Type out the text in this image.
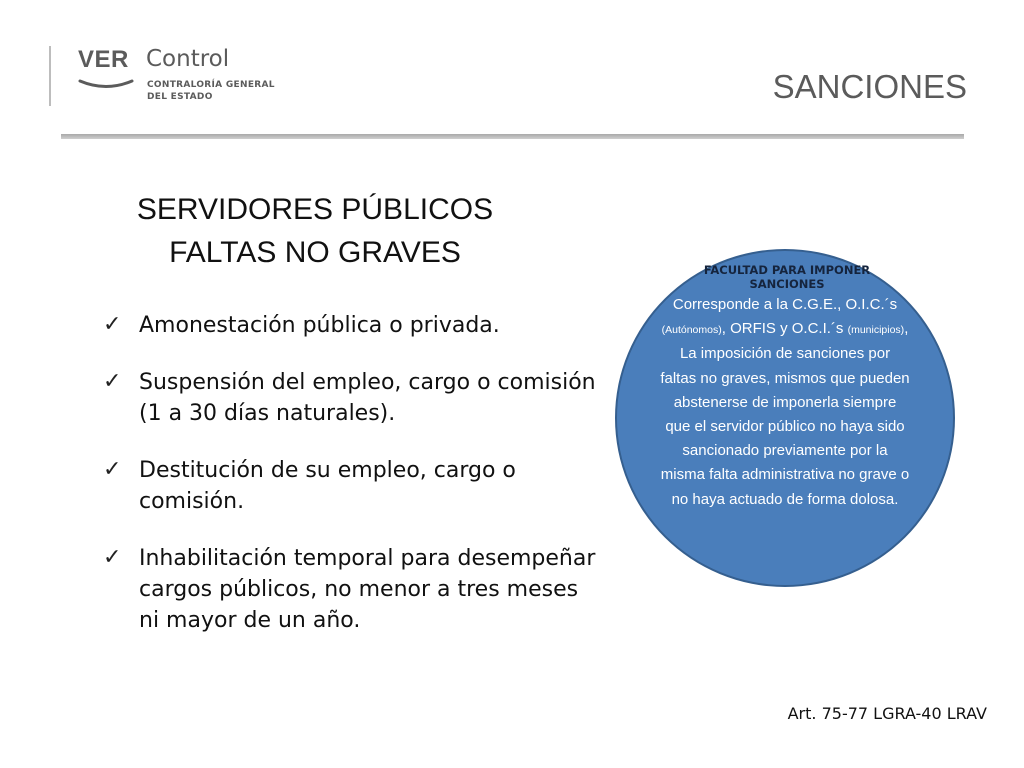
VER Control
CONTRALORÍA GENERAL
DEL ESTADO	SANCIONES
SERVIDORES PÚBLICOS
FALTAS NO GRAVES
✓ Amonestación pública o privada.
✓ Suspensión del empleo, cargo o comisión (1 a 30 días naturales).
✓ Destitución de su empleo, cargo o comisión.
✓ Inhabilitación temporal para desempeñar cargos públicos, no menor a tres meses ni mayor de un año.
FACULTAD PARA IMPONER SANCIONES
Corresponde a la C.G.E., O.I.C.´s (Autónomos), ORFIS y O.C.I.´s (municipios), La imposición de sanciones por faltas no graves, mismos que pueden abstenerse de imponerla siempre que el servidor público no haya sido sancionado previamente por la misma falta administrativa no grave o no haya actuado de forma dolosa.
Art. 75-77 LGRA-40 LRAV
